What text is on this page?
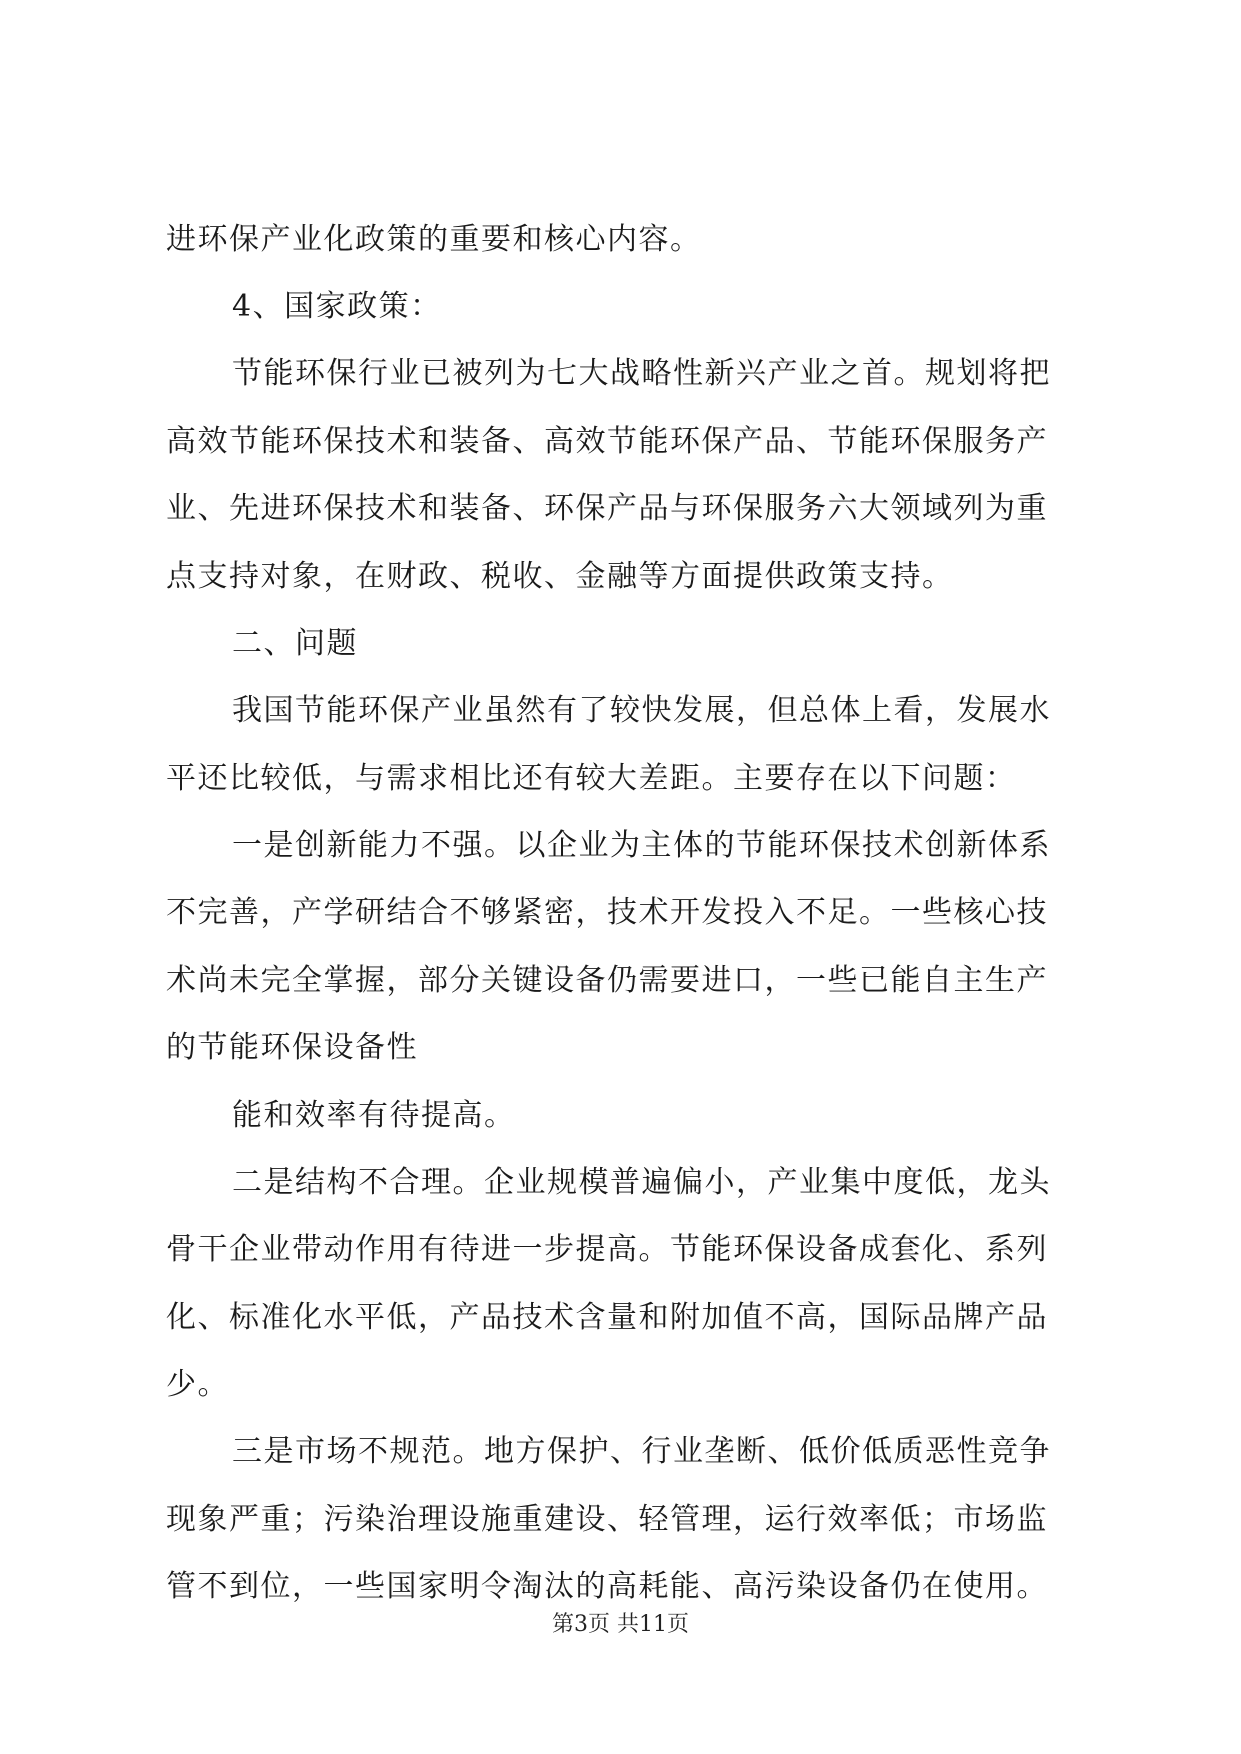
进环保产业化政策的重要和核心内容。
4、国家政策：
节能环保行业已被列为七大战略性新兴产业之首。规划将把
高效节能环保技术和装备、高效节能环保产品、节能环保服务产
业、先进环保技术和装备、环保产品与环保服务六大领域列为重
点支持对象，在财政、税收、金融等方面提供政策支持。
二、问题
我国节能环保产业虽然有了较快发展，但总体上看，发展水
平还比较低，与需求相比还有较大差距。主要存在以下问题：
一是创新能力不强。以企业为主体的节能环保技术创新体系
不完善，产学研结合不够紧密，技术开发投入不足。一些核心技
术尚未完全掌握，部分关键设备仍需要进口，一些已能自主生产
的节能环保设备性
能和效率有待提高。
二是结构不合理。企业规模普遍偏小，产业集中度低，龙头
骨干企业带动作用有待进一步提高。节能环保设备成套化、系列
化、标准化水平低，产品技术含量和附加值不高，国际品牌产品
少。
三是市场不规范。地方保护、行业垄断、低价低质恶性竞争
现象严重；污染治理设施重建设、轻管理，运行效率低；市场监
管不到位，一些国家明令淘汰的高耗能、高污染设备仍在使用。
第3页 共11页
